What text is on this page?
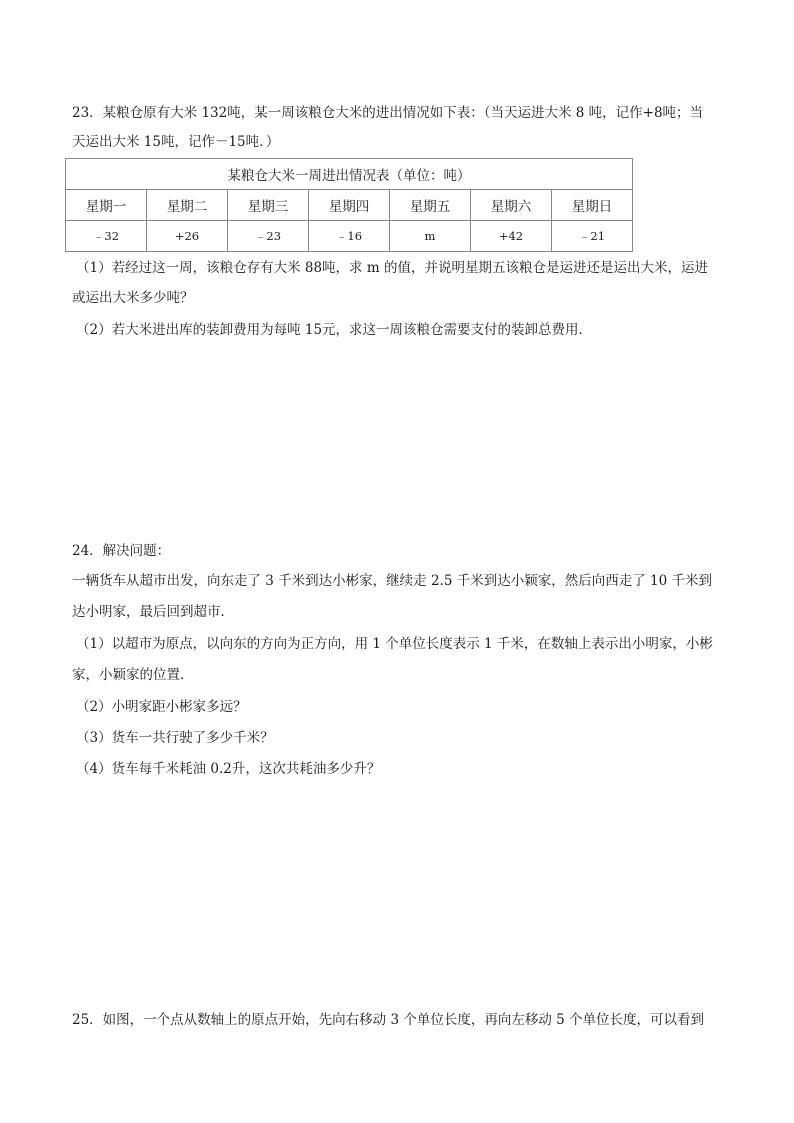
23．某粮仓原有大米 132吨，某一周该粮仓大米的进出情况如下表：（当天运进大米 8 吨，记作+8吨；当
天运出大米 15吨，记作－15吨．）
某粮仓大米一周进出情况表（单位：吨）						
星期一	星期二	星期三	星期四	星期五	星期六	星期日
﹣32	+26	﹣23	﹣16	m	+42	﹣21
（1）若经过这一周，该粮仓存有大米 88吨，求 m 的值，并说明星期五该粮仓是运进还是运出大米，运进
或运出大米多少吨？
（2）若大米进出库的装卸费用为每吨 15元，求这一周该粮仓需要支付的装卸总费用．
24．解决问题：
一辆货车从超市出发，向东走了 3 千米到达小彬家，继续走 2.5 千米到达小颖家，然后向西走了 10 千米到
达小明家，最后回到超市．
（1）以超市为原点，以向东的方向为正方向，用 1 个单位长度表示 1 千米，在数轴上表示出小明家，小彬
家，小颖家的位置．
（2）小明家距小彬家多远？
（3）货车一共行驶了多少千米？
（4）货车每千米耗油 0.2升，这次共耗油多少升？
25．如图，一个点从数轴上的原点开始，先向右移动 3 个单位长度，再向左移动 5 个单位长度，可以看到
